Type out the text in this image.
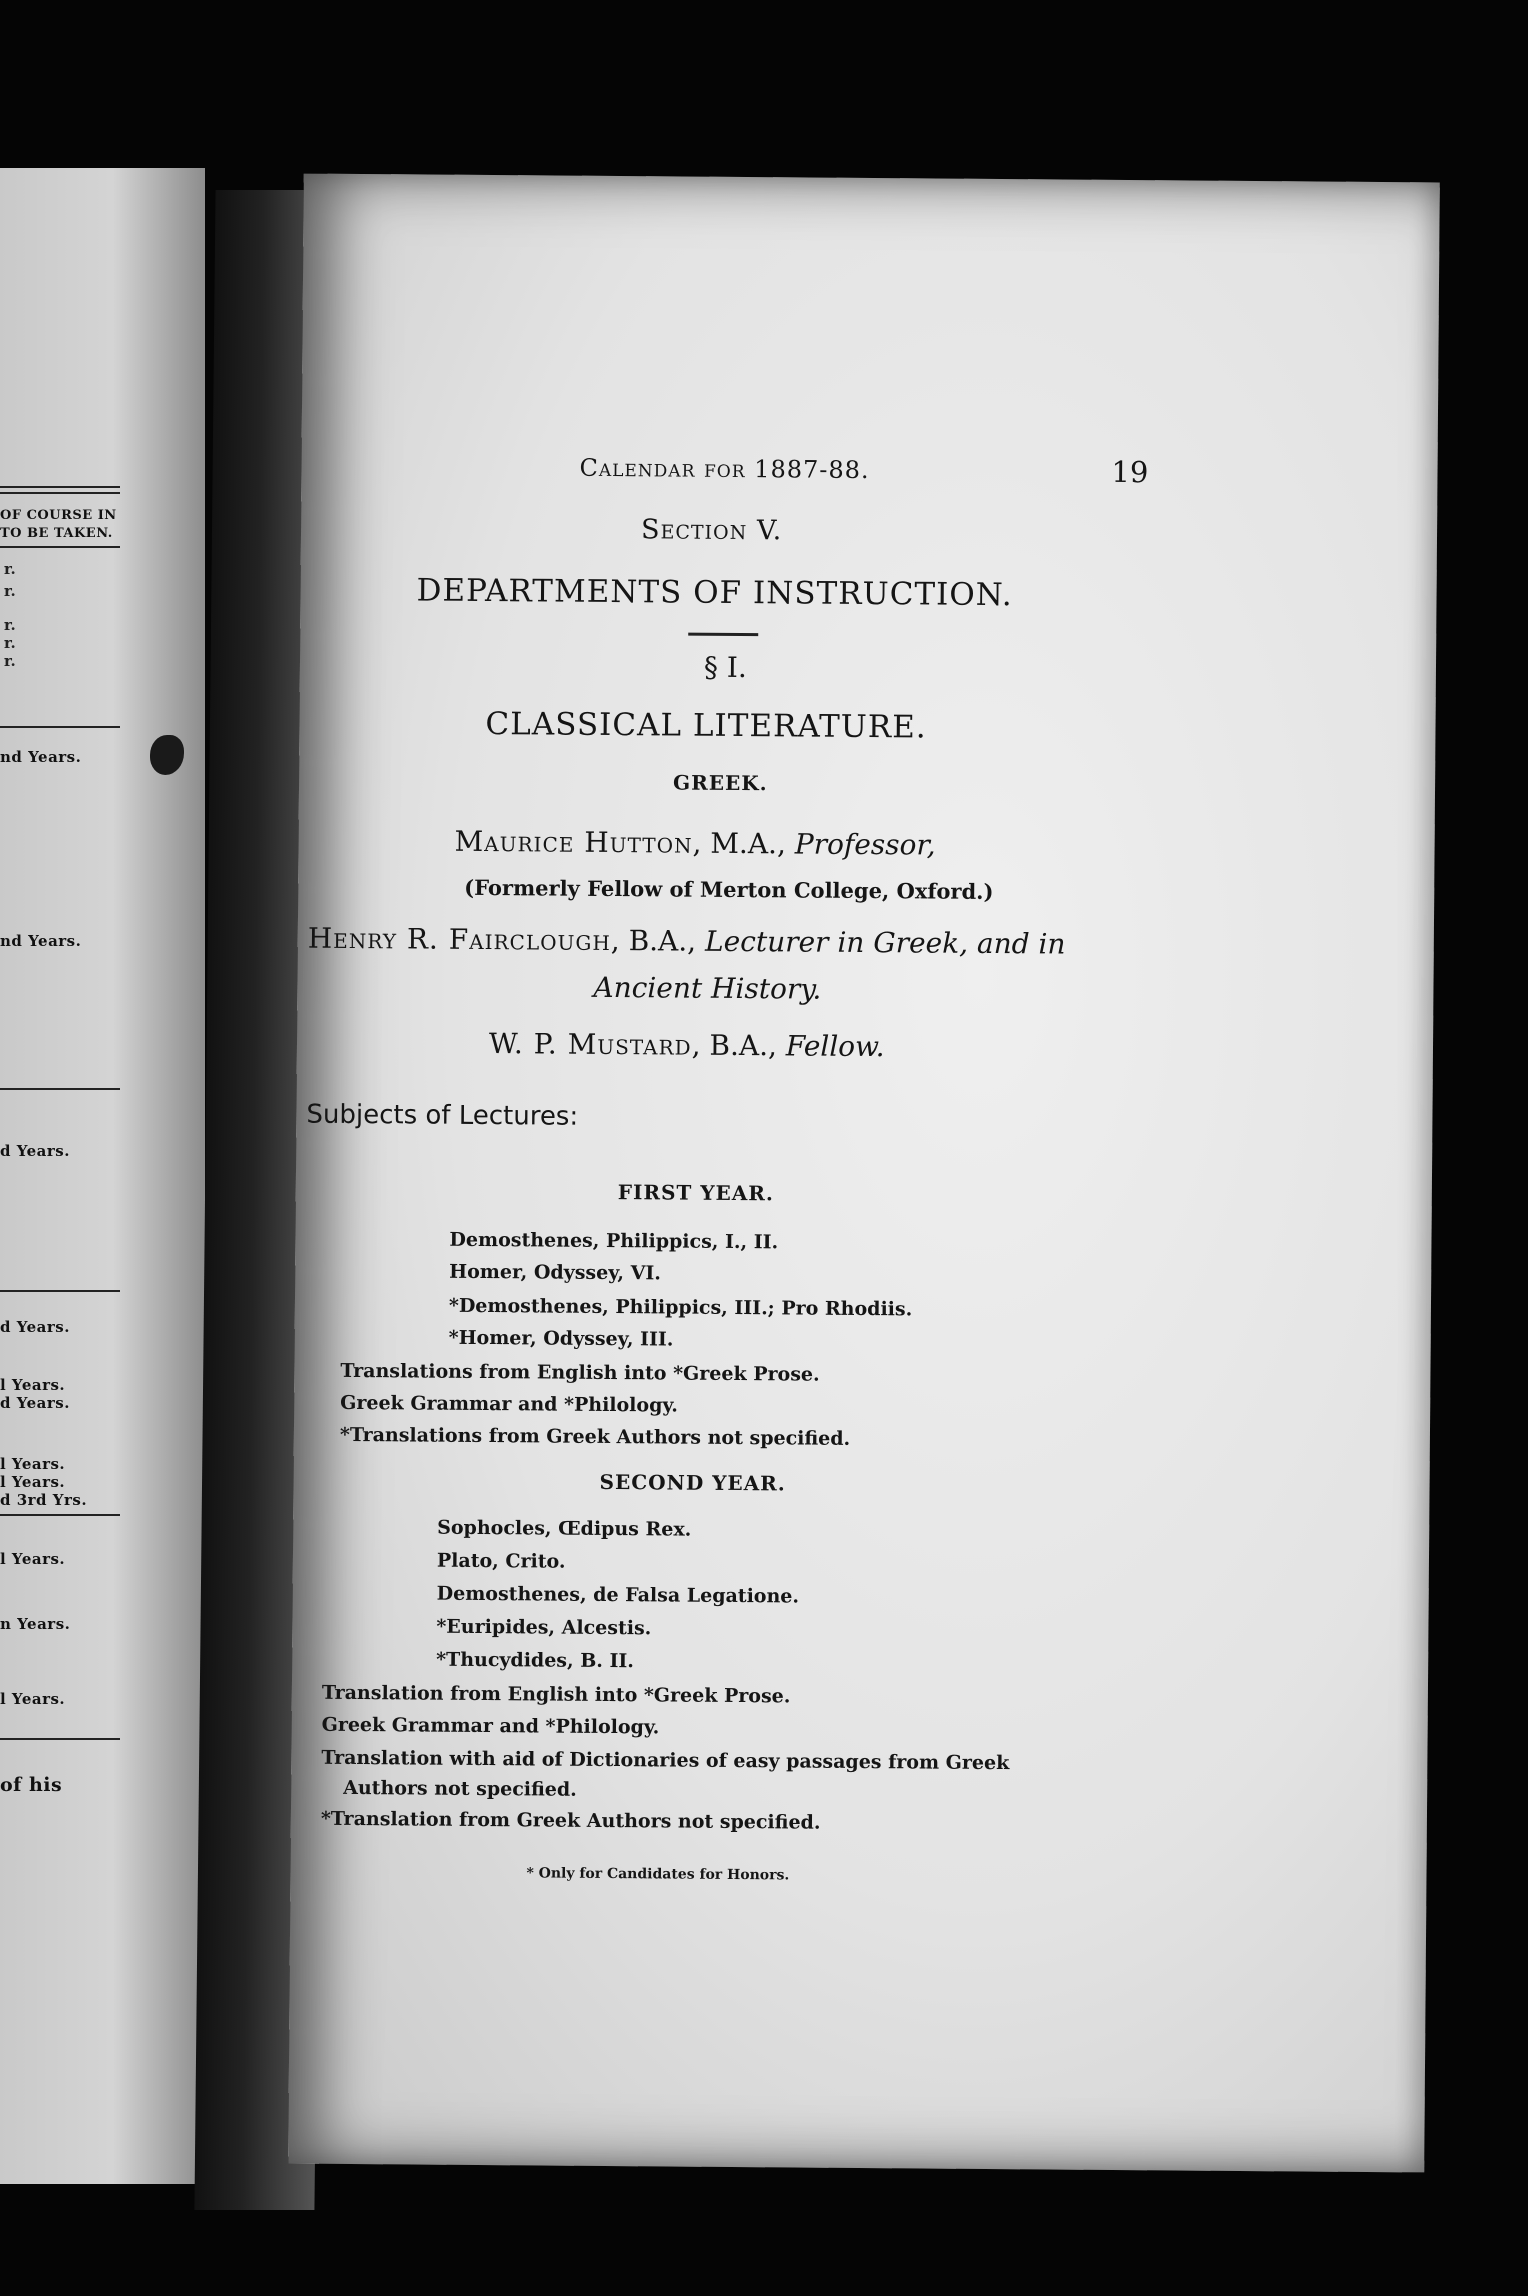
OF COURSE IN
TO BE TAKEN.
r.
r.
r.
r.
r.
nd Years.
nd Years.
d Years.
d Years.
l Years.
d Years.
l Years.
l Years.
d 3rd Yrs.
l Years.
n Years.
l Years.
of his
Calendar for 1887-88.	19
Section V.
DEPARTMENTS OF INSTRUCTION.
§ I.
CLASSICAL LITERATURE.
GREEK.
Maurice Hutton, M.A., Professor,
(Formerly Fellow of Merton College, Oxford.)
Henry R. Fairclough, B.A., Lecturer in Greek, and in
Ancient History.
W. P. Mustard, B.A., Fellow.
Subjects of Lectures:
FIRST YEAR.
Demosthenes, Philippics, I., II.
Homer, Odyssey, VI.
*Demosthenes, Philippics, III.; Pro Rhodiis.
*Homer, Odyssey, III.
Translations from English into *Greek Prose.
Greek Grammar and *Philology.
*Translations from Greek Authors not specified.
SECOND YEAR.
Sophocles, Œdipus Rex.
Plato, Crito.
Demosthenes, de Falsa Legatione.
*Euripides, Alcestis.
*Thucydides, B. II.
Translation from English into *Greek Prose.
Greek Grammar and *Philology.
Translation with aid of Dictionaries of easy passages from Greek
Authors not specified.
*Translation from Greek Authors not specified.
* Only for Candidates for Honors.
